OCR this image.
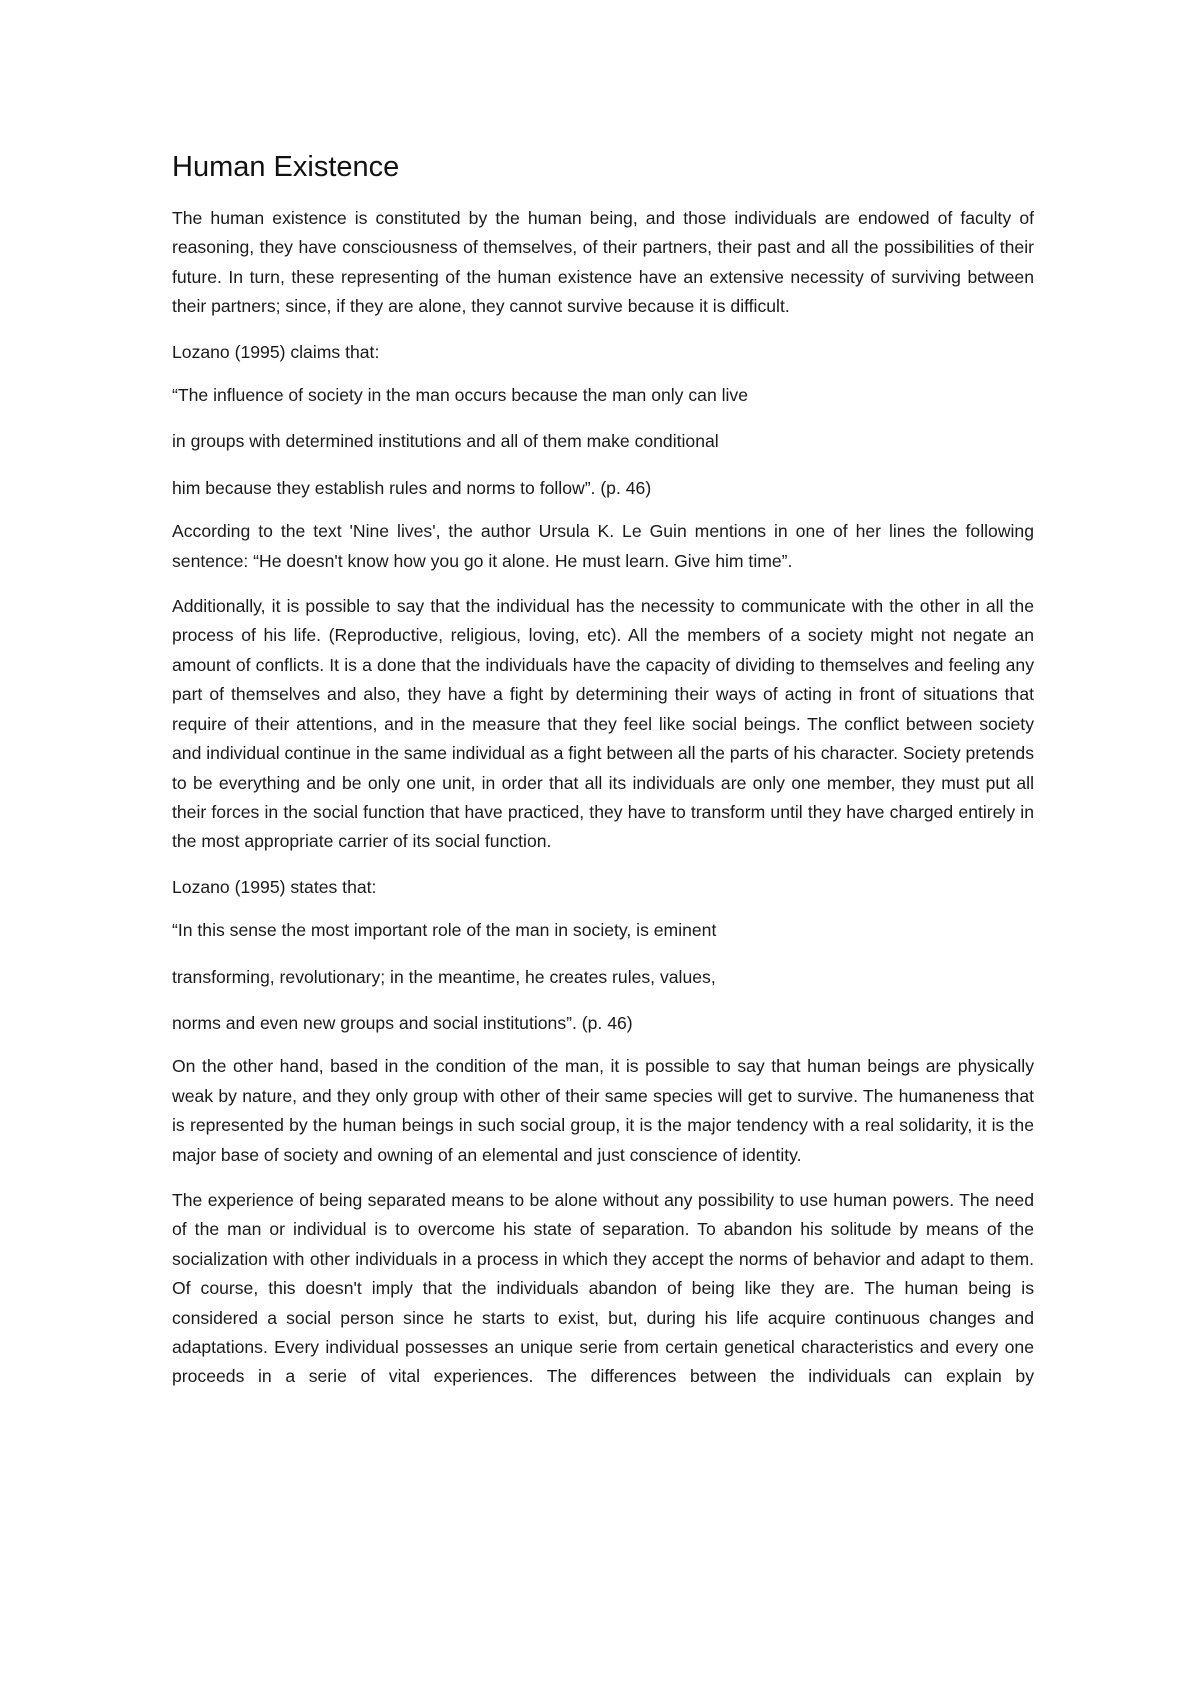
Human Existence

The human existence is constituted by the human being, and those individuals are endowed of faculty of reasoning, they have consciousness of themselves, of their partners, their past and all the possibilities of their future. In turn, these representing of the human existence have an extensive necessity of surviving between their partners; since, if they are alone, they cannot survive because it is difficult.

Lozano (1995) claims that:

“The influence of society in the man occurs because the man only can live

in groups with determined institutions and all of them make conditional

him because they establish rules and norms to follow”. (p. 46)

According to the text 'Nine lives', the author Ursula K. Le Guin mentions in one of her lines the following sentence: “He doesn't know how you go it alone. He must learn. Give him time”.

Additionally, it is possible to say that the individual has the necessity to communicate with the other in all the process of his life. (Reproductive, religious, loving, etc). All the members of a society might not negate an amount of conflicts. It is a done that the individuals have the capacity of dividing to themselves and feeling any part of themselves and also, they have a fight by determining their ways of acting in front of situations that require of their attentions, and in the measure that they feel like social beings. The conflict between society and individual continue in the same individual as a fight between all the parts of his character. Society pretends to be everything and be only one unit, in order that all its individuals are only one member, they must put all their forces in the social function that have practiced, they have to transform until they have charged entirely in the most appropriate carrier of its social function.

Lozano (1995) states that:

“In this sense the most important role of the man in society, is eminent

transforming, revolutionary; in the meantime, he creates rules, values,

norms and even new groups and social institutions”. (p. 46)

On the other hand, based in the condition of the man, it is possible to say that human beings are physically weak by nature, and they only group with other of their same species will get to survive. The humaneness that is represented by the human beings in such social group, it is the major tendency with a real solidarity, it is the major base of society and owning of an elemental and just conscience of identity.

The experience of being separated means to be alone without any possibility to use human powers. The need of the man or individual is to overcome his state of separation. To abandon his solitude by means of the socialization with other individuals in a process in which they accept the norms of behavior and adapt to them. Of course, this doesn't imply that the individuals abandon of being like they are. The human being is considered a social person since he starts to exist, but, during his life acquire continuous changes and adaptations. Every individual possesses an unique serie from certain genetical characteristics and every one proceeds in a serie of vital experiences. The differences between the individuals can explain by
